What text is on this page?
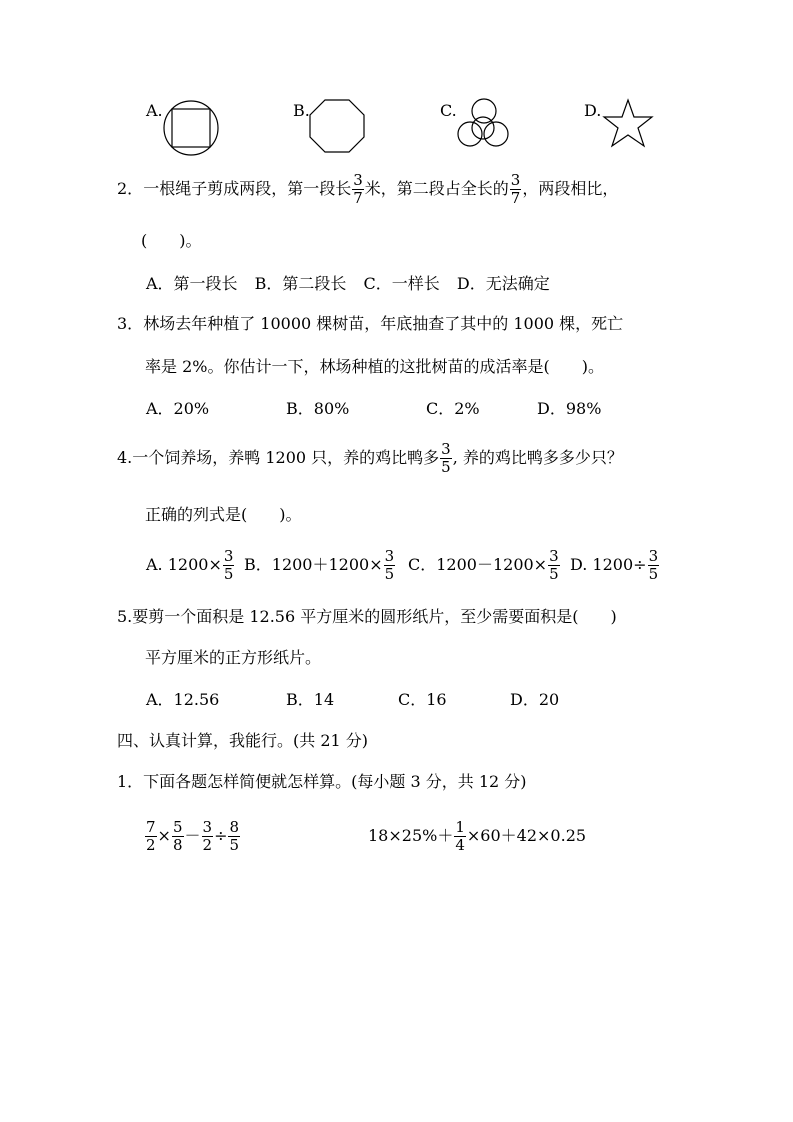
A.	B.	C.	D.
2．一根绳子剪成两段，第一段长 $\frac{3}{7}$ 米，第二段占全长的 $\frac{3}{7}$ ，两段相比，
(　　)。
A．第一段长 B．第二段长 C．一样长 D．无法确定
3．林场去年种植了 10000 棵树苗，年底抽查了其中的 1000 棵，死亡
率是 2%。你估计一下，林场种植的这批树苗的成活率是(　　)。
A．20%	B．80%	C．2%	D．98%
4.一个饲养场，养鸭 1200 只，养的鸡比鸭多 $\frac{3}{5}$ , 养的鸡比鸭多多少只？
正确的列式是(　　)。
A. $1200\times \frac{3}{5}$ B．$1200+1200\times \frac{3}{5}$ C．$1200-1200\times \frac{3}{5} D$. $1200\div \frac{3}{5}$
5.要剪一个面积是 12.56 平方厘米的圆形纸片，至少需要面积是(　　)
平方厘米的正方形纸片。
A．12.56	B．14	C．16	D．20
四、认真计算，我能行。(共 21 分)
1．下面各题怎样简便就怎样算。(每小题 3 分，共 12 分)
$\frac{7}{2} \times \frac{5}{8} - \frac{3}{2} \div \frac{8}{5}$	$18\times 25\%+ \frac{1}{4} \times 60+42\times 0.25$
